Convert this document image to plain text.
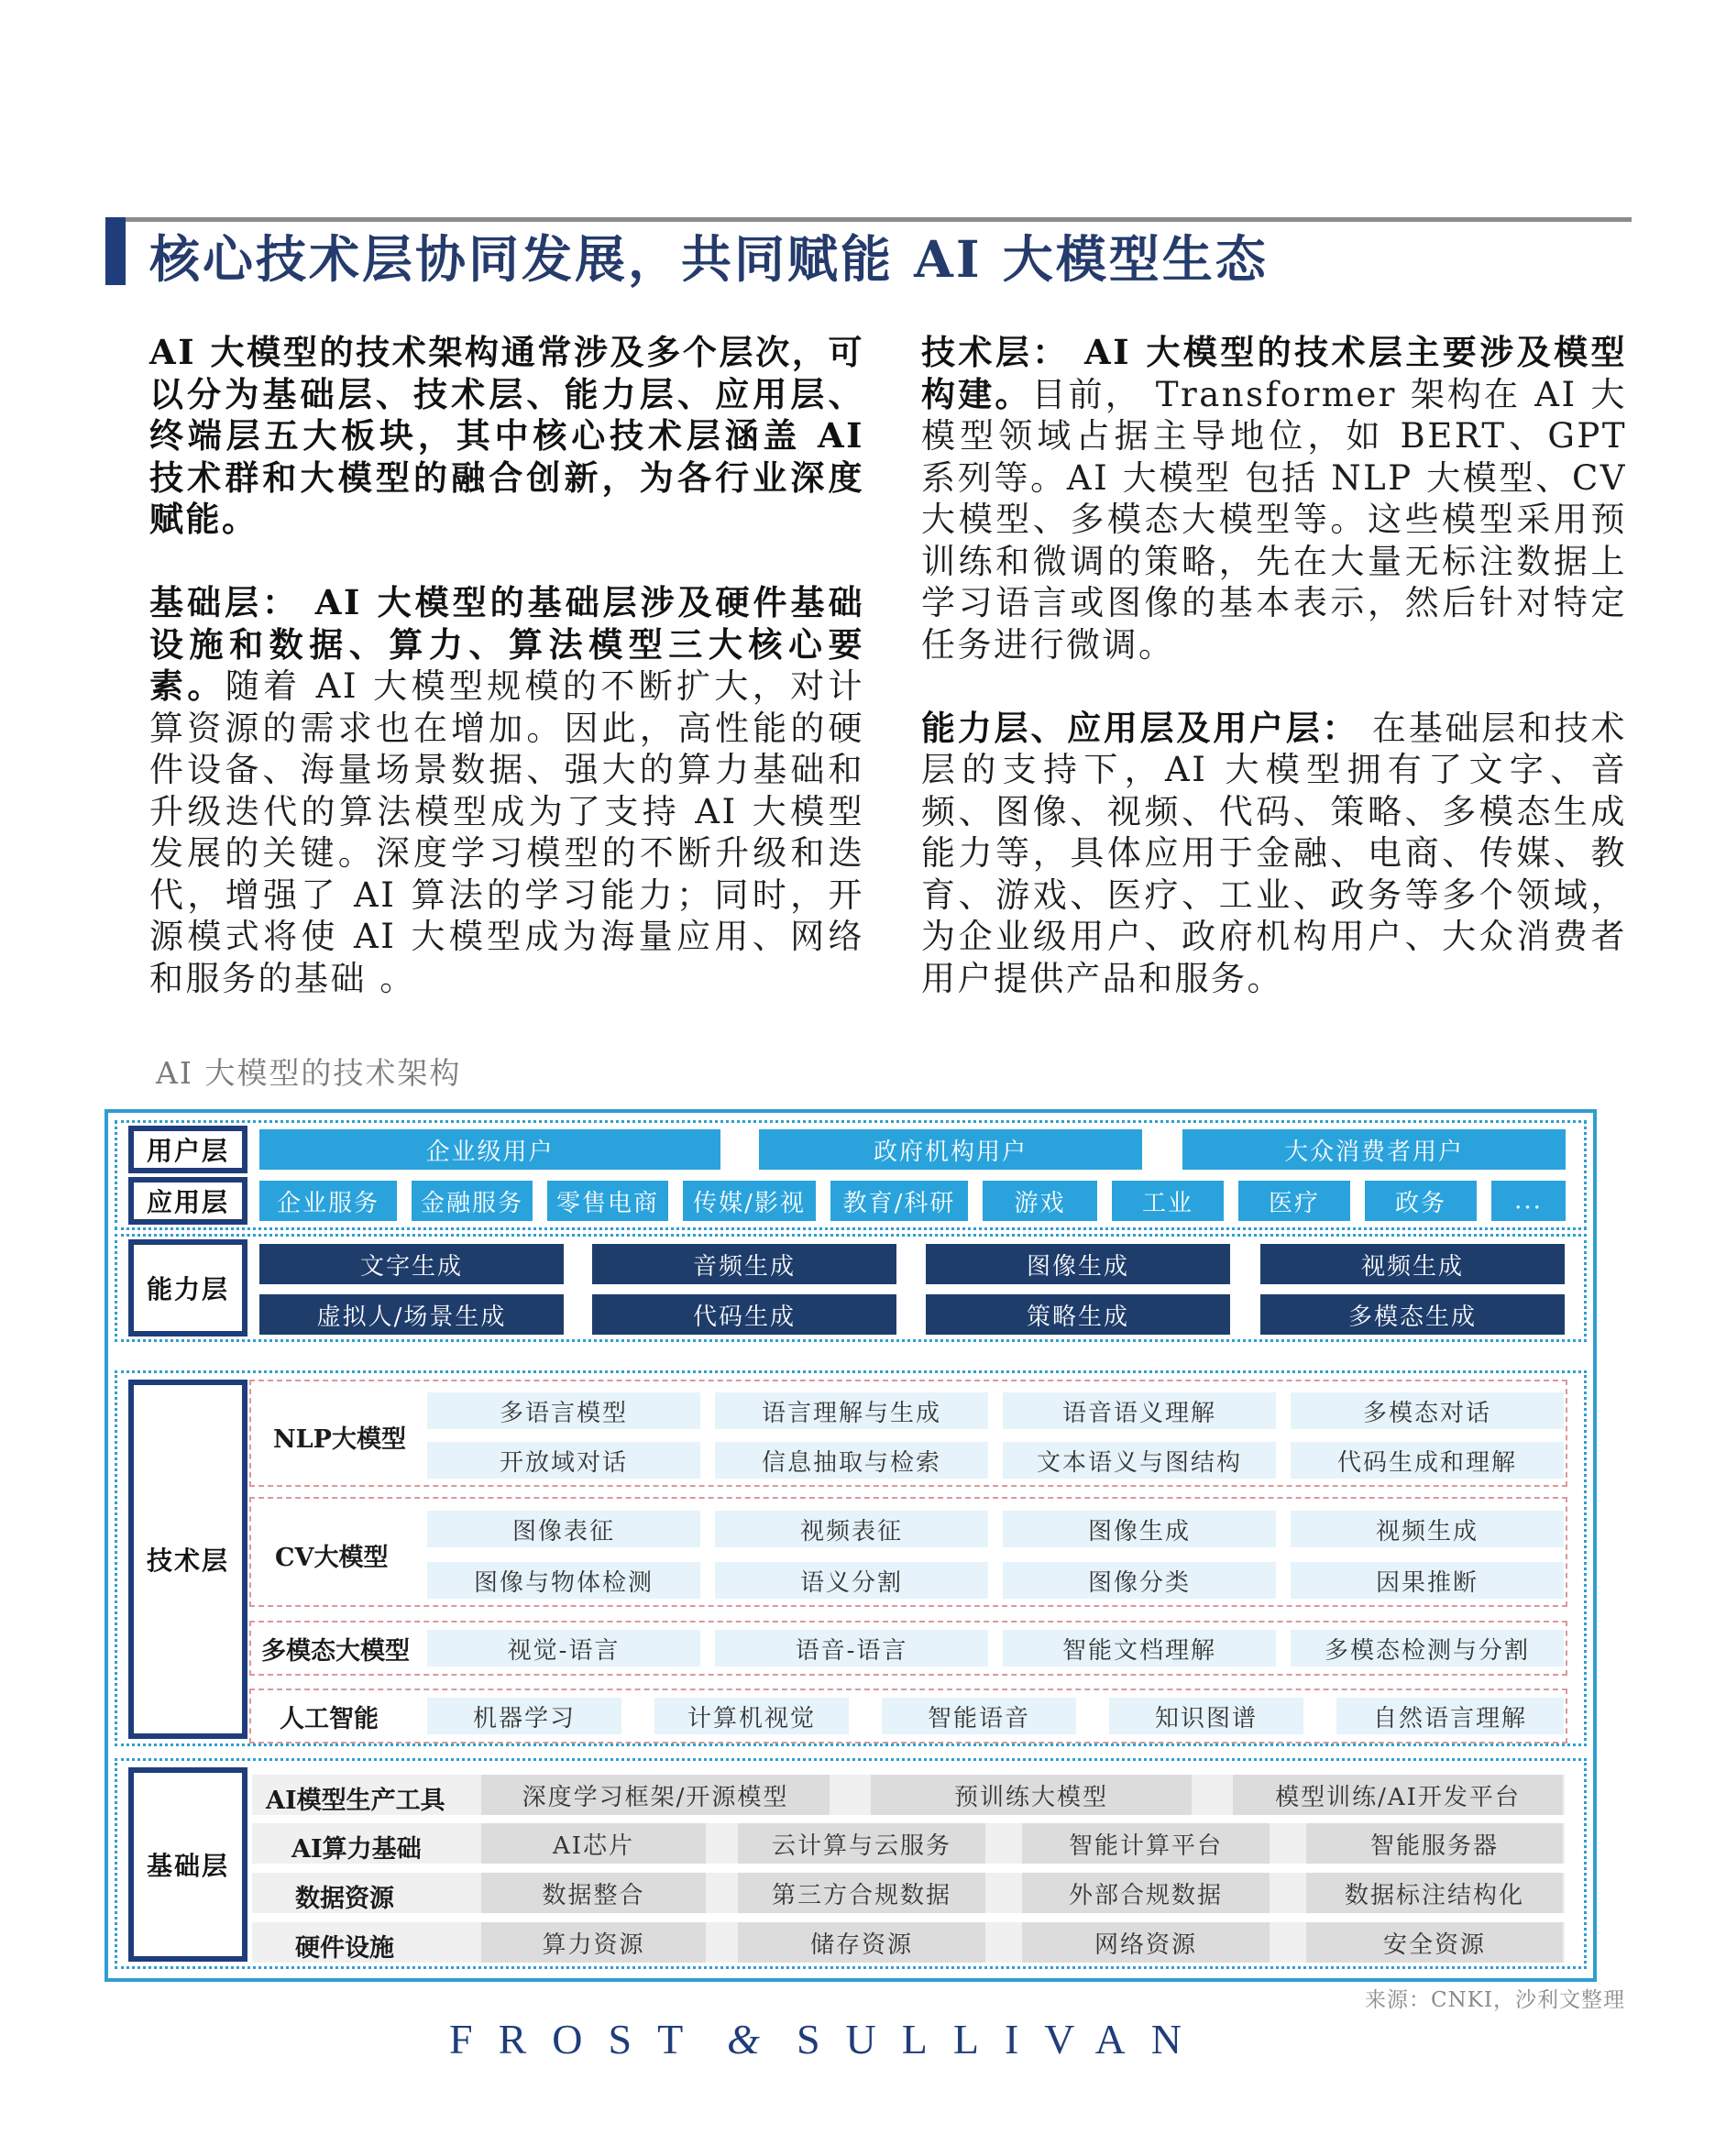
核心技术层协同发展，共同赋能 AI 大模型生态

AI 大模型的技术架构通常涉及多个层次，可以分为基础层、技术层、能力层、应用层、终端层五大板块，其中核心技术层涵盖 AI 技术群和大模型的融合创新，为各行业深度赋能。

基础层： AI 大模型的基础层涉及硬件基础设施和数据、算力、算法模型三大核心要素。随着 AI 大模型规模的不断扩大，对计算资源的需求也在增加。因此，高性能的硬件设备、海量场景数据、强大的算力基础和升级迭代的算法模型成为了支持 AI 大模型发展的关键。深度学习模型的不断升级和迭代，增强了 AI 算法的学习能力；同时，开源模式将使 AI 大模型成为海量应用、网络和服务的基础 。

技术层： AI 大模型的技术层主要涉及模型构建。目前， Transformer 架构在 AI 大模型领域占据主导地位，如 BERT、GPT 系列等。AI 大模型 包括 NLP 大模型、CV 大模型、多模态大模型等。这些模型采用预训练和微调的策略，先在大量无标注数据上学习语言或图像的基本表示，然后针对特定任务进行微调。

能力层、应用层及用户层： 在基础层和技术层的支持下，AI 大模型拥有了文字、音频、图像、视频、代码、策略、多模态生成能力等，具体应用于金融、电商、传媒、教育、游戏、医疗、工业、政务等多个领域，为企业级用户、政府机构用户、大众消费者用户提供产品和服务。

AI 大模型的技术架构
用户层	企业级用户	政府机构用户	大众消费者用户
应用层	企业服务	金融服务	零售电商	传媒/影视	教育/科研	游戏	工业	医疗	政务	...
能力层
文字生成	音频生成	图像生成	视频生成
虚拟人/场景生成	代码生成	策略生成	多模态生成
技术层
NLP大模型
多语言模型	语言理解与生成	语音语义理解	多模态对话
开放域对话	信息抽取与检索	文本语义与图结构	代码生成和理解
CV大模型
图像表征	视频表征	图像生成	视频生成
图像与物体检测	语义分割	图像分类	因果推断
多模态大模型	视觉-语言	语音-语言	智能文档理解	多模态检测与分割
人工智能	机器学习	计算机视觉	智能语音	知识图谱	自然语言理解
基础层
AI模型生产工具	深度学习框架/开源模型	预训练大模型	模型训练/AI开发平台
AI算力基础	AI芯片	云计算与云服务	智能计算平台	智能服务器
数据资源	数据整合	第三方合规数据	外部合规数据	数据标注结构化
硬件设施	算力资源	储存资源	网络资源	安全资源
来源：CNKI，沙利文整理
FROST & SULLIVAN
